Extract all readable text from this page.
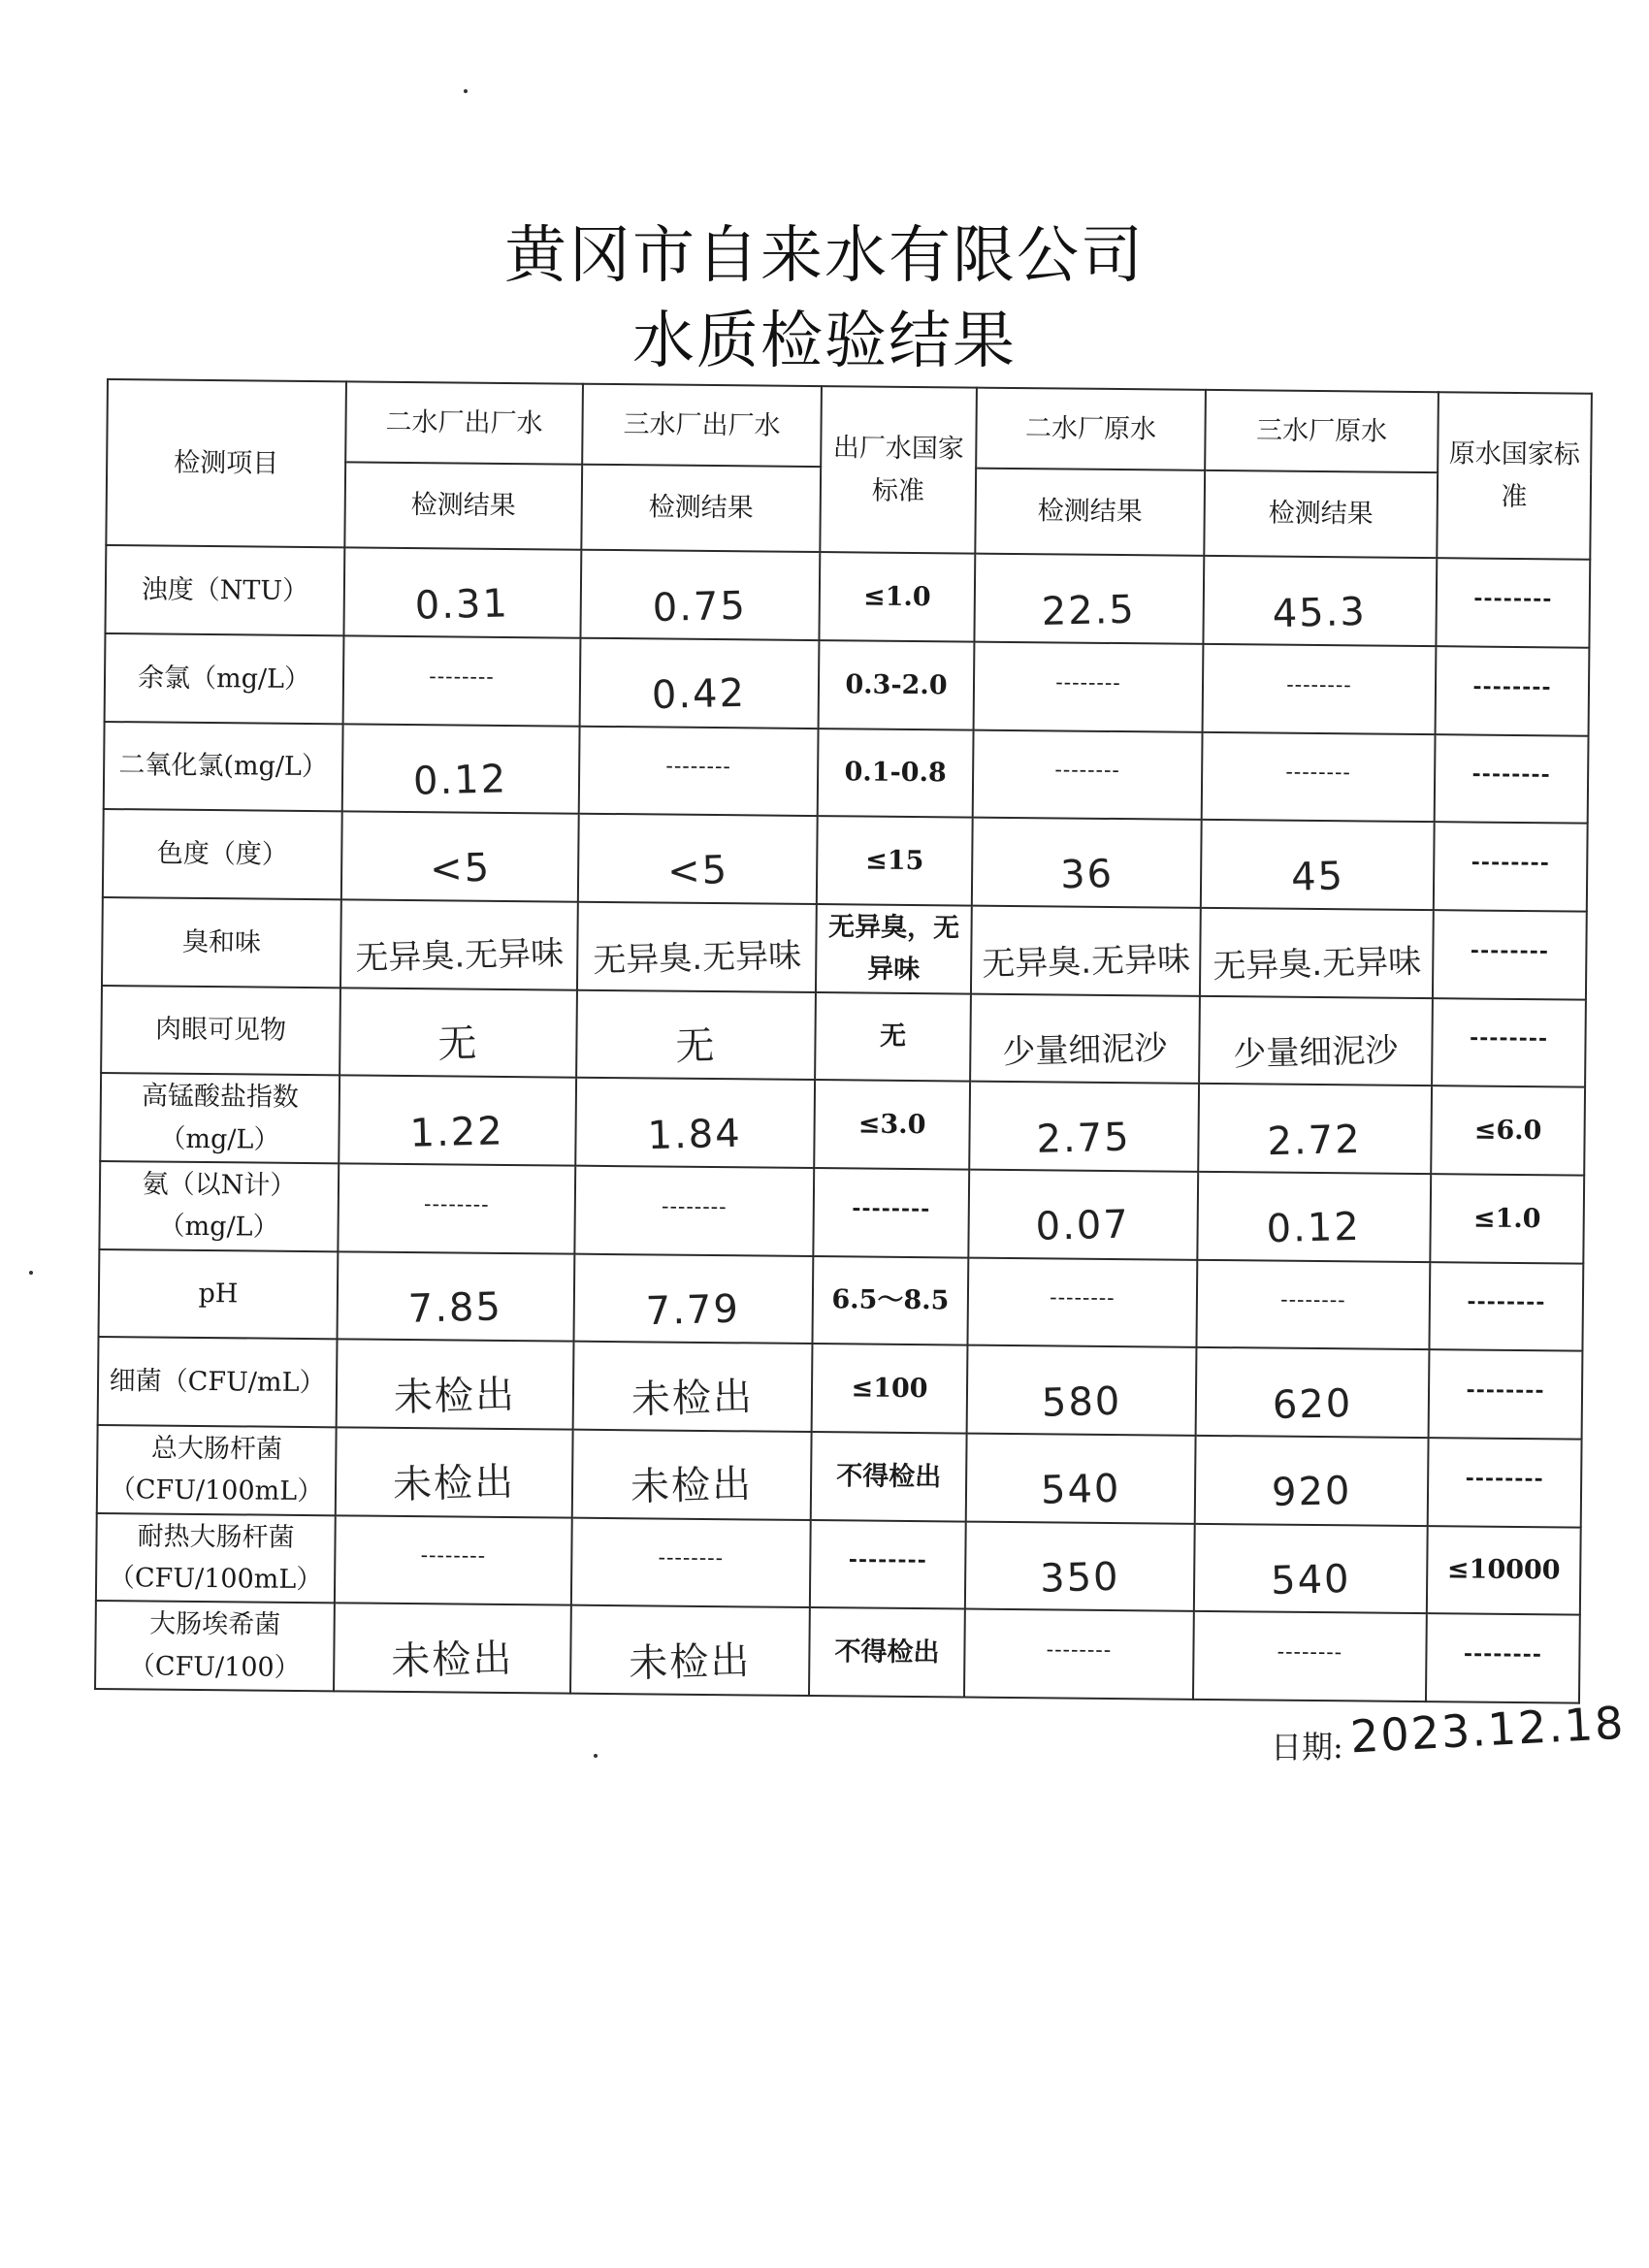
黄冈市自来水有限公司
水质检验结果
检测项目	二水厂出厂水	三水厂出厂水	出厂水国家标准	二水厂原水	三水厂原水	原水国家标准
	检测结果	检测结果		检测结果	检测结果	
浊度（NTU）	0.31	0.75	≤1.0	22.5	45.3	--------
余氯（mg/L）	--------	0.42	0.3-2.0	--------	--------	--------
二氧化氯(mg/L）	0.12	--------	0.1-0.8	--------	--------	--------
色度（度）	<5	<5	≤15	36	45	--------
臭和味	无异臭.无异味	无异臭.无异味	无异臭，无异味	无异臭.无异味	无异臭.无异味	--------
肉眼可见物	无	无	无	少量细泥沙	少量细泥沙	--------
高锰酸盐指数（mg/L）	1.22	1.84	≤3.0	2.75	2.72	≤6.0
氨（以N计）（mg/L）	--------	--------	--------	0.07	0.12	≤1.0
pH	7.85	7.79	6.5～8.5	--------	--------	--------
细菌（CFU/mL）	未检出	未检出	≤100	580	620	--------
总大肠杆菌（CFU/100mL）	未检出	未检出	不得检出	540	920	--------
耐热大肠杆菌（CFU/100mL）	--------	--------	--------	350	540	≤10000
大肠埃希菌（CFU/100）	未检出	未检出	不得检出	--------	--------	--------
日期: 2023.12.18
